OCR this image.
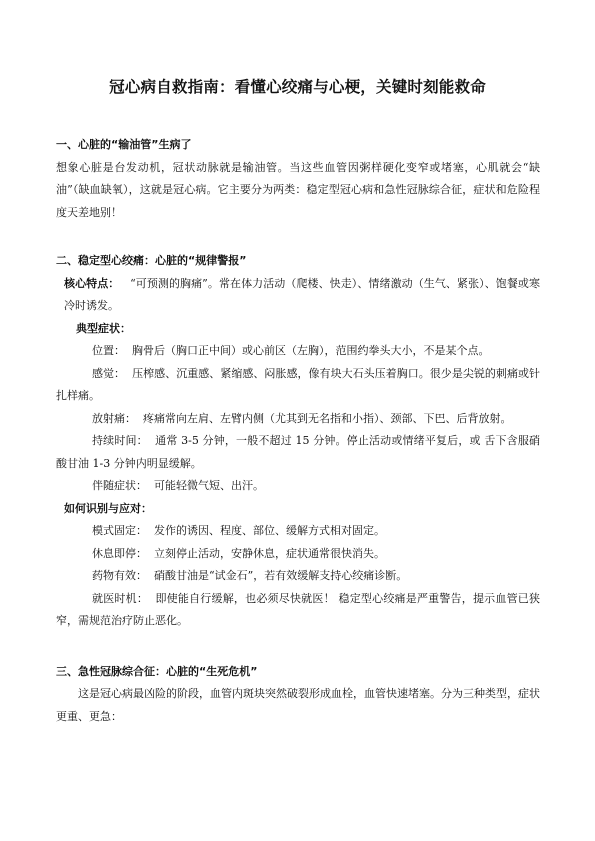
冠心病自救指南：看懂心绞痛与心梗，关键时刻能救命

一、心脏的“输油管”生病了

想象心脏是台发动机，冠状动脉就是输油管。当这些血管因粥样硬化变窄或堵塞，心肌就会“缺油”（缺血缺氧），这就是冠心病。它主要分为两类：稳定型冠心病和急性冠脉综合征，症状和危险程度天差地别！

二、稳定型心绞痛：心脏的“规律警报”

核心特点： “可预测的胸痛”。常在体力活动（爬楼、快走）、情绪激动（生气、紧张）、饱餐或寒冷时诱发。

典型症状：

位置： 胸骨后（胸口正中间）或心前区（左胸），范围约拳头大小，不是某个点。

感觉： 压榨感、沉重感、紧缩感、闷胀感，像有块大石头压着胸口。很少是尖锐的刺痛或针扎样痛。

放射痛： 疼痛常向左肩、左臂内侧（尤其到无名指和小指）、颈部、下巴、后背放射。

持续时间： 通常 3-5 分钟，一般不超过 15 分钟。停止活动或情绪平复后，或 舌下含服硝酸甘油 1-3 分钟内明显缓解。

伴随症状： 可能轻微气短、出汗。

如何识别与应对：

模式固定： 发作的诱因、程度、部位、缓解方式相对固定。

休息即停： 立刻停止活动，安静休息，症状通常很快消失。

药物有效： 硝酸甘油是“试金石”，若有效缓解支持心绞痛诊断。

就医时机： 即使能自行缓解，也必须尽快就医！ 稳定型心绞痛是严重警告，提示血管已狭窄，需规范治疗防止恶化。

三、急性冠脉综合征：心脏的“生死危机”

这是冠心病最凶险的阶段，血管内斑块突然破裂形成血栓，血管快速堵塞。分为三种类型，症状更重、更急：
